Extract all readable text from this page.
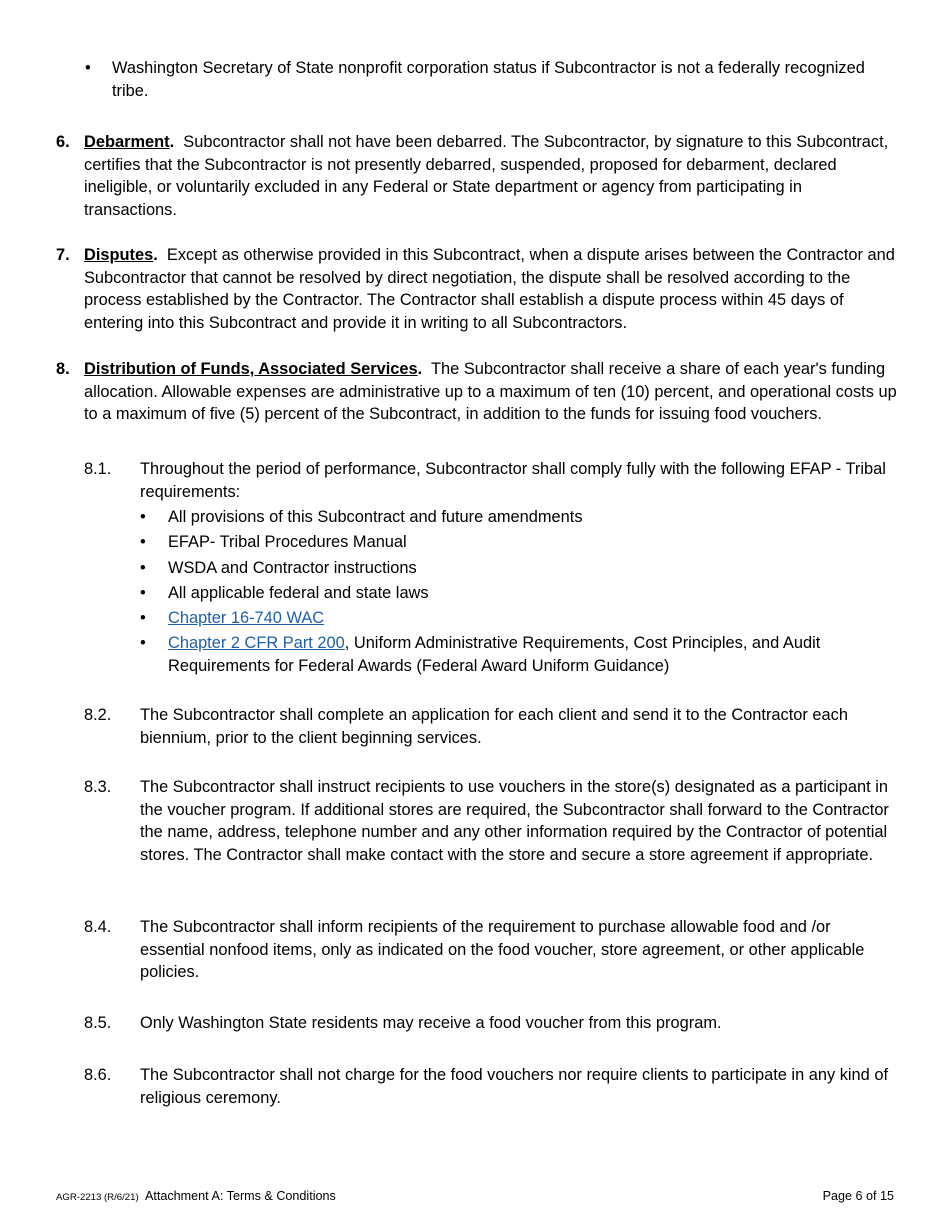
• Washington Secretary of State nonprofit corporation status if Subcontractor is not a federally recognized tribe.
6. Debarment. Subcontractor shall not have been debarred. The Subcontractor, by signature to this Subcontract, certifies that the Subcontractor is not presently debarred, suspended, proposed for debarment, declared ineligible, or voluntarily excluded in any Federal or State department or agency from participating in transactions.
7. Disputes. Except as otherwise provided in this Subcontract, when a dispute arises between the Contractor and Subcontractor that cannot be resolved by direct negotiation, the dispute shall be resolved according to the process established by the Contractor. The Contractor shall establish a dispute process within 45 days of entering into this Subcontract and provide it in writing to all Subcontractors.
8. Distribution of Funds, Associated Services. The Subcontractor shall receive a share of each year's funding allocation. Allowable expenses are administrative up to a maximum of ten (10) percent, and operational costs up to a maximum of five (5) percent of the Subcontract, in addition to the funds for issuing food vouchers.
8.1. Throughout the period of performance, Subcontractor shall comply fully with the following EFAP - Tribal requirements:
• All provisions of this Subcontract and future amendments
• EFAP- Tribal Procedures Manual
• WSDA and Contractor instructions
• All applicable federal and state laws
• Chapter 16-740 WAC
• Chapter 2 CFR Part 200, Uniform Administrative Requirements, Cost Principles, and Audit Requirements for Federal Awards (Federal Award Uniform Guidance)
8.2. The Subcontractor shall complete an application for each client and send it to the Contractor each biennium, prior to the client beginning services.
8.3. The Subcontractor shall instruct recipients to use vouchers in the store(s) designated as a participant in the voucher program. If additional stores are required, the Subcontractor shall forward to the Contractor the name, address, telephone number and any other information required by the Contractor of potential stores. The Contractor shall make contact with the store and secure a store agreement if appropriate.
8.4. The Subcontractor shall inform recipients of the requirement to purchase allowable food and /or essential nonfood items, only as indicated on the food voucher, store agreement, or other applicable policies.
8.5. Only Washington State residents may receive a food voucher from this program.
8.6. The Subcontractor shall not charge for the food vouchers nor require clients to participate in any kind of religious ceremony.
AGR-2213 (R/6/21) Attachment A: Terms & Conditions	Page 6 of 15
